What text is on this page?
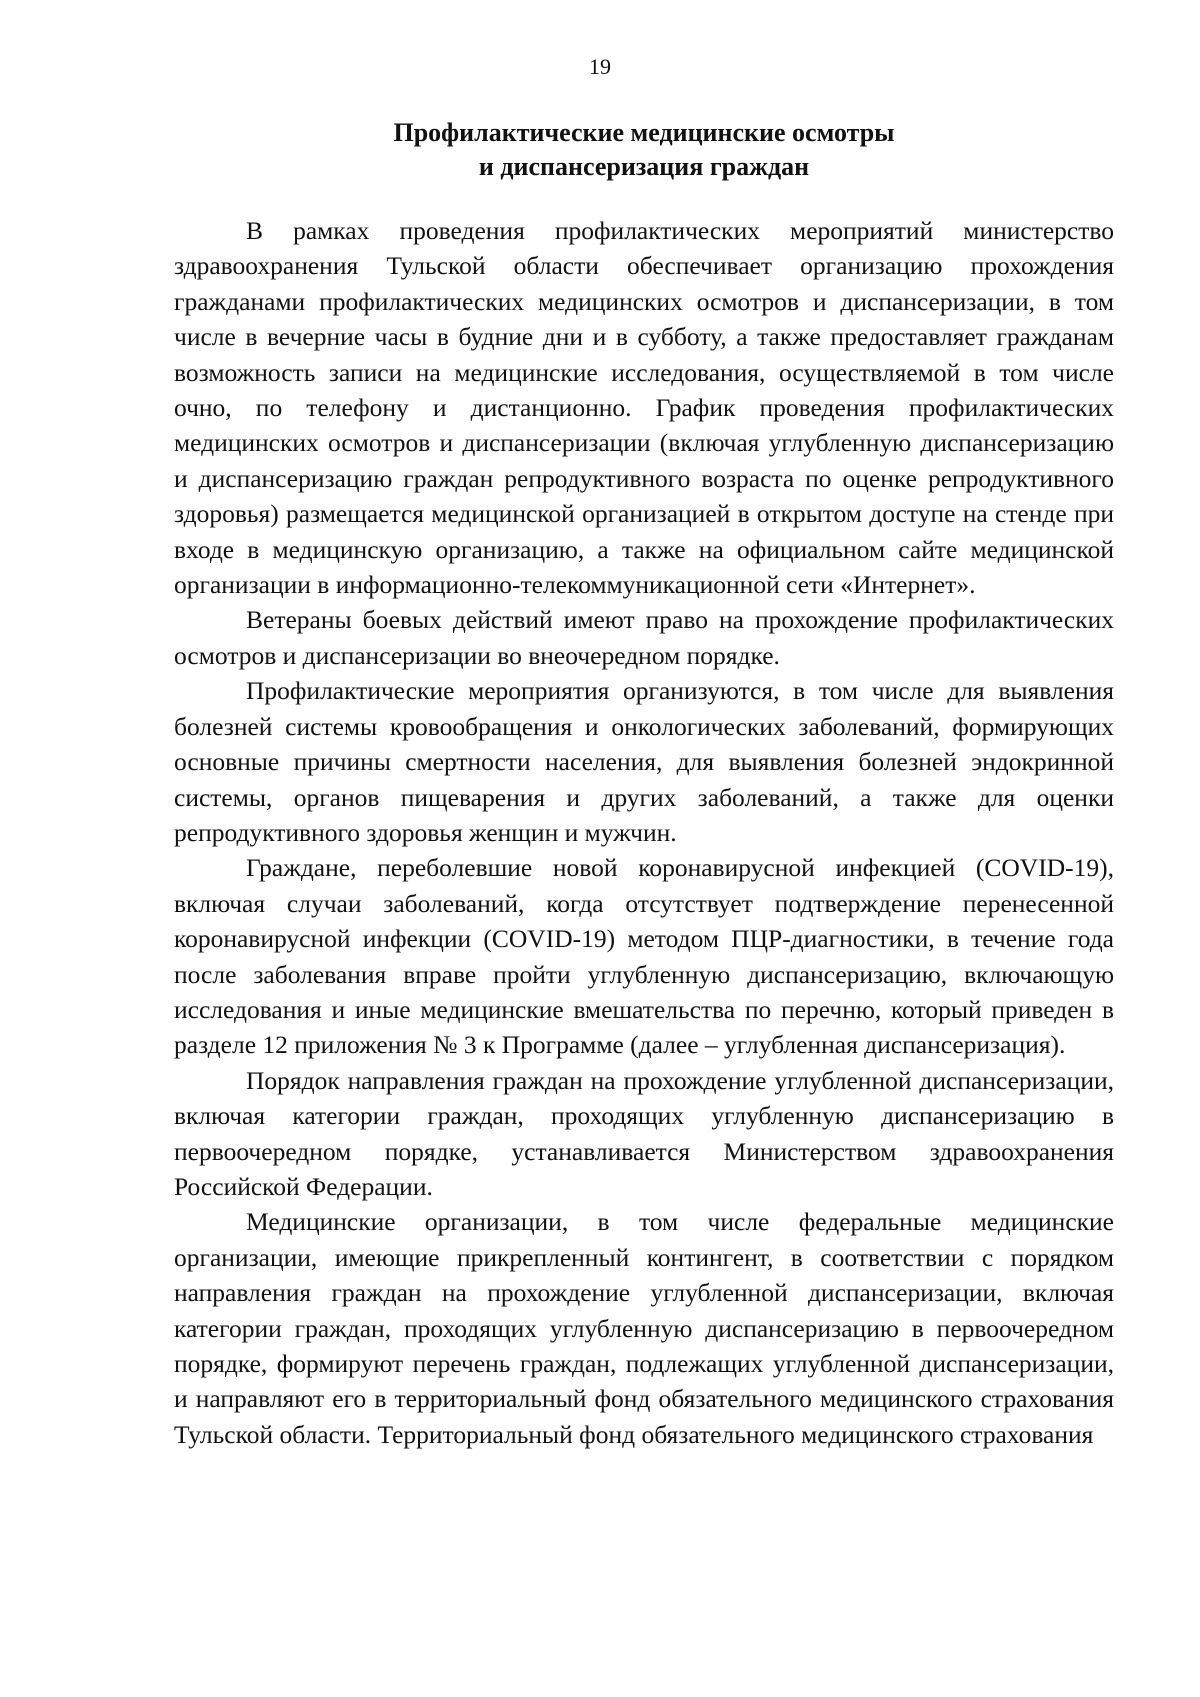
19
Профилактические медицинские осмотры
и диспансеризация граждан

В рамках проведения профилактических мероприятий министерство здравоохранения Тульской области обеспечивает организацию прохождения гражданами профилактических медицинских осмотров и диспансеризации, в том числе в вечерние часы в будние дни и в субботу, а также предоставляет гражданам возможность записи на медицинские исследования, осуществляемой в том числе очно, по телефону и дистанционно. График проведения профилактических медицинских осмотров и диспансеризации (включая углубленную диспансеризацию и диспансеризацию граждан репродуктивного возраста по оценке репродуктивного здоровья) размещается медицинской организацией в открытом доступе на стенде при входе в медицинскую организацию, а также на официальном сайте медицинской организации в информационно-телекоммуникационной сети «Интернет».

Ветераны боевых действий имеют право на прохождение профилактических осмотров и диспансеризации во внеочередном порядке.

Профилактические мероприятия организуются, в том числе для выявления болезней системы кровообращения и онкологических заболеваний, формирующих основные причины смертности населения, для выявления болезней эндокринной системы, органов пищеварения и других заболеваний, а также для оценки репродуктивного здоровья женщин и мужчин.

Граждане, переболевшие новой коронавирусной инфекцией (COVID-19), включая случаи заболеваний, когда отсутствует подтверждение перенесенной коронавирусной инфекции (COVID-19) методом ПЦР-диагностики, в течение года после заболевания вправе пройти углубленную диспансеризацию, включающую исследования и иные медицинские вмешательства по перечню, который приведен в разделе 12 приложения № 3 к Программе (далее – углубленная диспансеризация).

Порядок направления граждан на прохождение углубленной диспансеризации, включая категории граждан, проходящих углубленную диспансеризацию в первоочередном порядке, устанавливается Министерством здравоохранения Российской Федерации.

Медицинские организации, в том числе федеральные медицинские организации, имеющие прикрепленный контингент, в соответствии с порядком направления граждан на прохождение углубленной диспансеризации, включая категории граждан, проходящих углубленную диспансеризацию в первоочередном порядке, формируют перечень граждан, подлежащих углубленной диспансеризации, и направляют его в территориальный фонд обязательного медицинского страхования Тульской области. Территориальный фонд обязательного медицинского страхования
